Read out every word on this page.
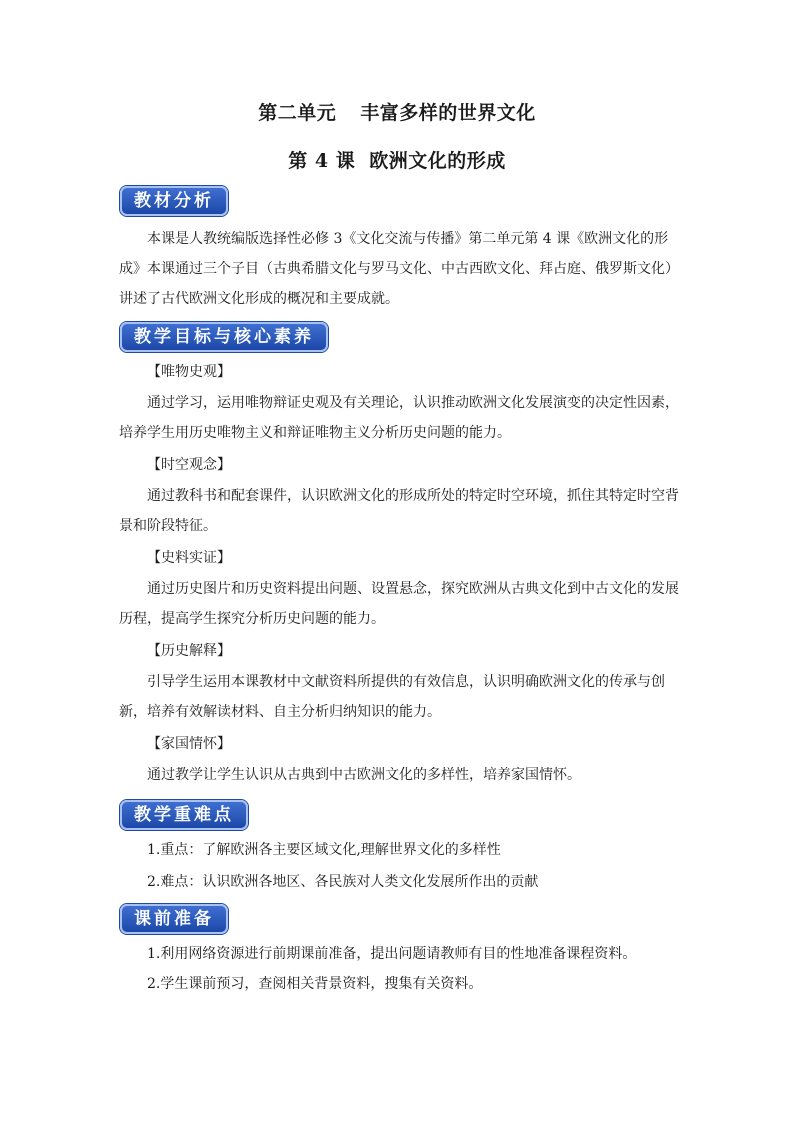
第二单元 丰富多样的世界文化
第 4 课 欧洲文化的形成
教材分析

本课是人教统编版选择性必修 3《文化交流与传播》第二单元第 4 课《欧洲文化的形成》本课通过三个子目（古典希腊文化与罗马文化、中古西欧文化、拜占庭、俄罗斯文化）讲述了古代欧洲文化形成的概况和主要成就。

教学目标与核心素养
【唯物史观】

通过学习，运用唯物辩证史观及有关理论，认识推动欧洲文化发展演变的决定性因素，培养学生用历史唯物主义和辩证唯物主义分析历史问题的能力。

【时空观念】

通过教科书和配套课件，认识欧洲文化的形成所处的特定时空环境，抓住其特定时空背景和阶段特征。

【史料实证】

通过历史图片和历史资料提出问题、设置悬念，探究欧洲从古典文化到中古文化的发展历程，提高学生探究分析历史问题的能力。

【历史解释】

引导学生运用本课教材中文献资料所提供的有效信息，认识明确欧洲文化的传承与创新，培养有效解读材料、自主分析归纳知识的能力。

【家国情怀】

通过教学让学生认识从古典到中古欧洲文化的多样性，培养家国情怀。

教学重难点
1.重点：了解欧洲各主要区域文化,理解世界文化的多样性
2.难点：认识欧洲各地区、各民族对人类文化发展所作出的贡献
课前准备
1.利用网络资源进行前期课前准备，提出问题请教师有目的性地准备课程资料。
2.学生课前预习，查阅相关背景资料，搜集有关资料。
